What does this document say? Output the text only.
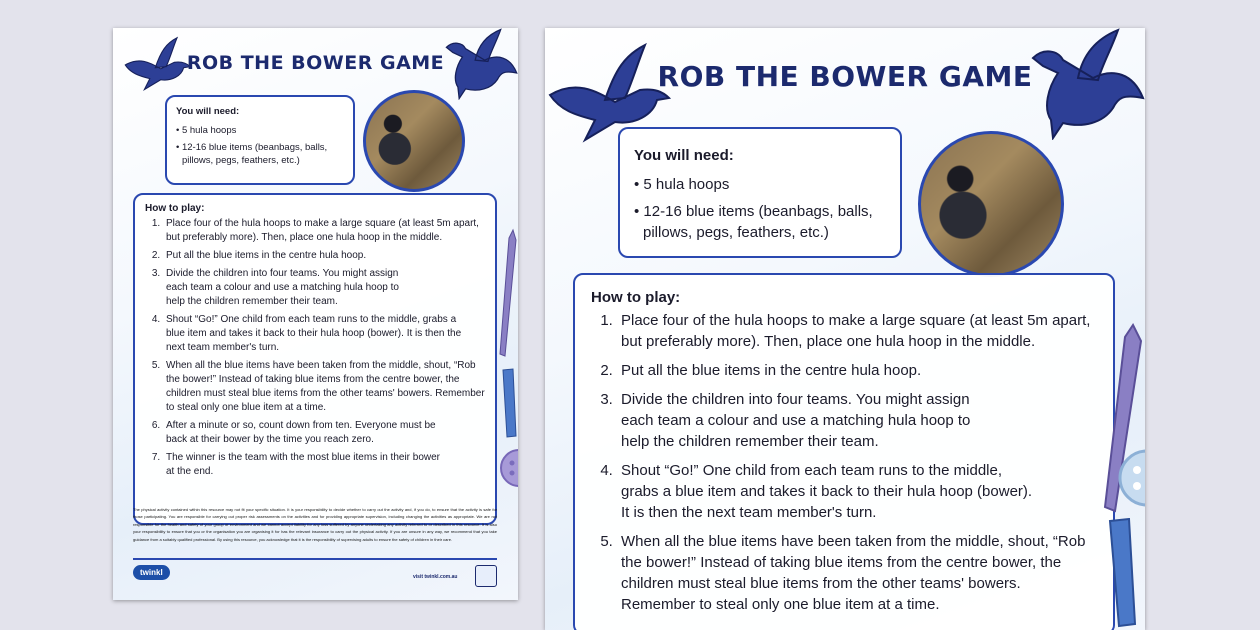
ROB THE BOWER GAME
You will need:
• 5 hula hoops
• 12-16 blue items (beanbags, balls, pillows, pegs, feathers, etc.)
How to play:
1. Place four of the hula hoops to make a large square (at least 5m apart, but preferably more). Then, place one hula hoop in the middle.
2. Put all the blue items in the centre hula hoop.
3. Divide the children into four teams. You might assign each team a colour and use a matching hula hoop to help the children remember their team.
4. Shout “Go!” One child from each team runs to the middle, grabs a blue item and takes it back to their hula hoop (bower). It is then the next team member's turn.
5. When all the blue items have been taken from the middle, shout, “Rob the bower!” Instead of taking blue items from the centre bower, the children must steal blue items from the other teams' bowers. Remember to steal only one blue item at a time.
6. After a minute or so, count down from ten. Everyone must be back at their bower by the time you reach zero.
7. The winner is the team with the most blue items in their bower at the end.
The physical activity contained within this resource may not fit your specific situation. It is your responsibility to decide whether to carry out the activity and, if you do, to ensure that the activity is safe for those participating. You are responsible for carrying out proper risk assessments on the activities and for providing appropriate supervision, including changing the activities as appropriate. We are not responsible for the health and safety of your group or environment and we cannot accept liability for any loss suffered by anyone undertaking any activity referred to or described in this resource. It is also your responsibility to ensure that you or the organisation you are organising it for has the relevant insurance to carry out the physical activity. If you are unsure in any way, we recommend that you take guidance from a suitably qualified professional. By using this resource, you acknowledge that it is the responsibility of supervising adults to ensure the safety of children in their care.
twinkl	visit twinkl.com.au
ROB THE BOWER GAME
You will need:
• 5 hula hoops
• 12-16 blue items (beanbags, balls, pillows, pegs, feathers, etc.)
How to play:
1. Place four of the hula hoops to make a large square (at least 5m apart, but preferably more). Then, place one hula hoop in the middle.
2. Put all the blue items in the centre hula hoop.
3. Divide the children into four teams. You might assign each team a colour and use a matching hula hoop to help the children remember their team.
4. Shout “Go!” One child from each team runs to the middle, grabs a blue item and takes it back to their hula hoop (bower). It is then the next team member's turn.
5. When all the blue items have been taken from the middle, shout, “Rob the bower!” Instead of taking blue items from the centre bower, the children must steal blue items from the other teams' bowers. Remember to steal only one blue item at a time.
